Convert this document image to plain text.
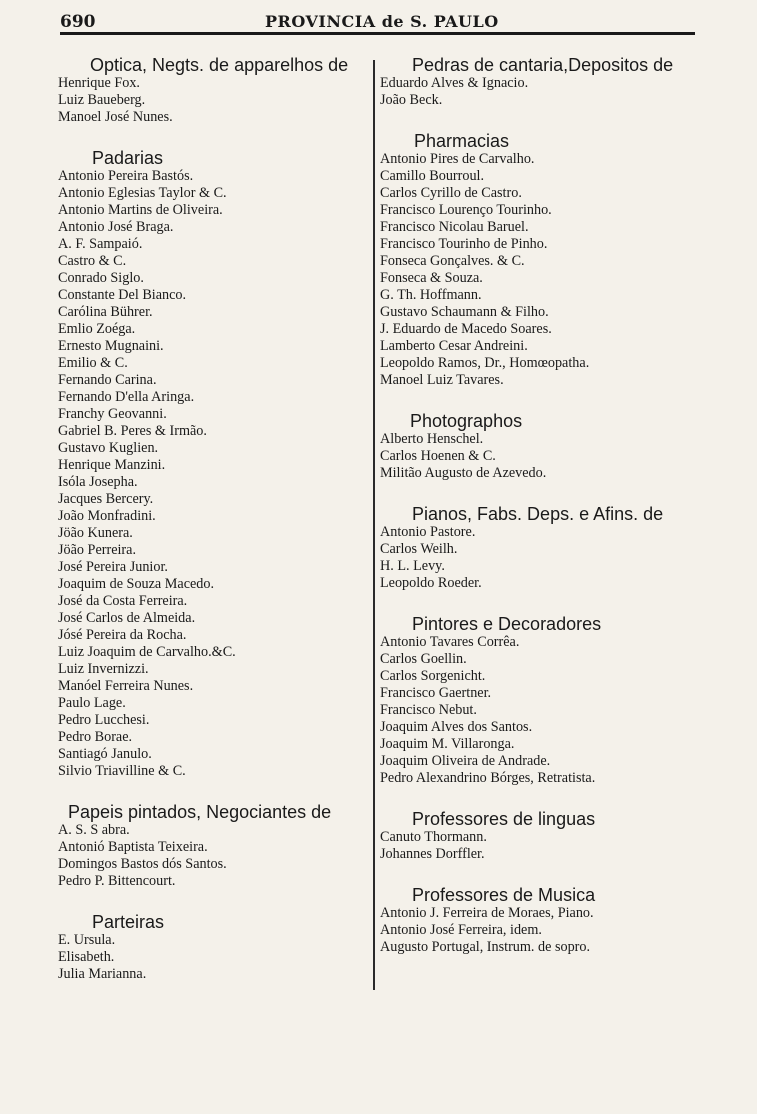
690	PROVINCIA de S. PAULO
Optica, Negts. de apparelhos de
Henrique Fox.
Luiz Baueberg.
Manoel José Nunes.
Padarias
Antonio Pereira Bastós.
Antonio Eglesias Taylor & C.
Antonio Martins de Oliveira.
Antonio José Braga.
A. F. Sampaió.
Castro & C.
Conrado Siglo.
Constante Del Bianco.
Carólina Bührer.
Emlio Zoéga.
Ernesto Mugnaini.
Emilio & C.
Fernando Carina.
Fernando D'ella Aringa.
Franchy Geovanni.
Gabriel B. Peres & Irmão.
Gustavo Kuglien.
Henrique Manzini.
Isóla Josepha.
Jacques Bercery.
João Monfradini.
Jöão Kunera.
Jöão Perreira.
José Pereira Junior.
Joaquim de Souza Macedo.
José da Costa Ferreira.
José Carlos de Almeida.
Jósé Pereira da Rocha.
Luiz Joaquim de Carvalho.&C.
Luiz Invernizzi.
Manóel Ferreira Nunes.
Paulo Lage.
Pedro Lucchesi.
Pedro Borae.
Santiagó Janulo.
Silvio Triavilline & C.
Papeis pintados, Negociantes de
A. S. S abra.
Antonió Baptista Teixeira.
Domingos Bastos dós Santos.
Pedro P. Bittencourt.
Parteiras
E. Ursula.
Elisabeth.
Julia Marianna.
Pedras de cantaria,Depositos de
Eduardo Alves & Ignacio.
João Beck.
Pharmacias
Antonio Pires de Carvalho.
Camillo Bourroul.
Carlos Cyrillo de Castro.
Francisco Lourenço Tourinho.
Francisco Nicolau Baruel.
Francisco Tourinho de Pinho.
Fonseca Gonçalves. & C.
Fonseca & Souza.
G. Th. Hoffmann.
Gustavo Schaumann & Filho.
J. Eduardo de Macedo Soares.
Lamberto Cesar Andreini.
Leopoldo Ramos, Dr., Homœopatha.
Manoel Luiz Tavares.
Photographos
Alberto Henschel.
Carlos Hoenen & C.
Militão Augusto de Azevedo.
Pianos, Fabs. Deps. e Afins. de
Antonio Pastore.
Carlos Weilh.
H. L. Levy.
Leopoldo Roeder.
Pintores e Decoradores
Antonio Tavares Corrêa.
Carlos Goellin.
Carlos Sorgenicht.
Francisco Gaertner.
Francisco Nebut.
Joaquim Alves dos Santos.
Joaquim M. Villaronga.
Joaquim Oliveira de Andrade.
Pedro Alexandrino Bórges, Retratista.
Professores de linguas
Canuto Thormann.
Johannes Dorffler.
Professores de Musica
Antonio J. Ferreira de Moraes, Piano.
Antonio José Ferreira, idem.
Augusto Portugal, Instrum. de sopro.
